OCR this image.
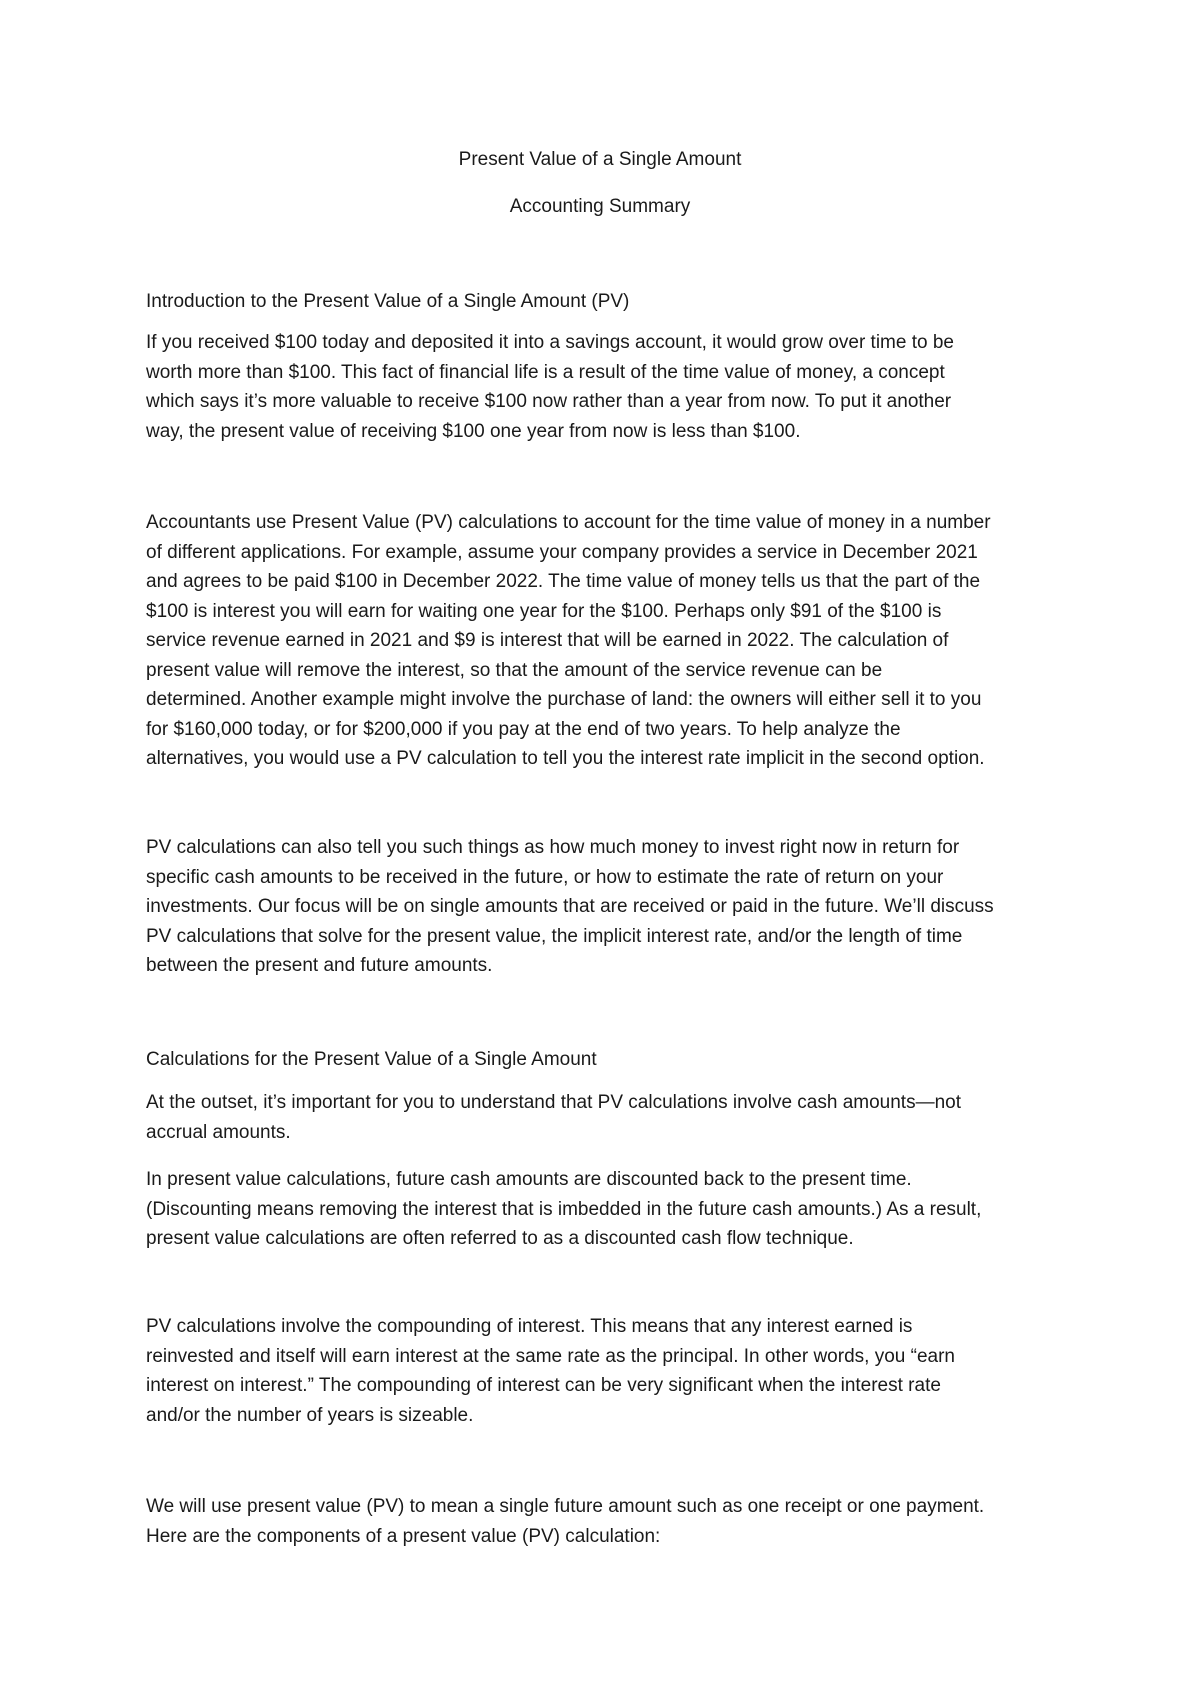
Present Value of a Single Amount
Accounting Summary
Introduction to the Present Value of a Single Amount (PV)
If you received $100 today and deposited it into a savings account, it would grow over time to be
worth more than $100. This fact of financial life is a result of the time value of money, a concept
which says it’s more valuable to receive $100 now rather than a year from now. To put it another
way, the present value of receiving $100 one year from now is less than $100.
Accountants use Present Value (PV) calculations to account for the time value of money in a number
of different applications. For example, assume your company provides a service in December 2021
and agrees to be paid $100 in December 2022. The time value of money tells us that the part of the
$100 is interest you will earn for waiting one year for the $100. Perhaps only $91 of the $100 is
service revenue earned in 2021 and $9 is interest that will be earned in 2022. The calculation of
present value will remove the interest, so that the amount of the service revenue can be
determined. Another example might involve the purchase of land: the owners will either sell it to you
for $160,000 today, or for $200,000 if you pay at the end of two years. To help analyze the
alternatives, you would use a PV calculation to tell you the interest rate implicit in the second option.
PV calculations can also tell you such things as how much money to invest right now in return for
specific cash amounts to be received in the future, or how to estimate the rate of return on your
investments. Our focus will be on single amounts that are received or paid in the future. We’ll discuss
PV calculations that solve for the present value, the implicit interest rate, and/or the length of time
between the present and future amounts.
Calculations for the Present Value of a Single Amount
At the outset, it’s important for you to understand that PV calculations involve cash amounts—not
accrual amounts.
In present value calculations, future cash amounts are discounted back to the present time.
(Discounting means removing the interest that is imbedded in the future cash amounts.) As a result,
present value calculations are often referred to as a discounted cash flow technique.
PV calculations involve the compounding of interest. This means that any interest earned is
reinvested and itself will earn interest at the same rate as the principal. In other words, you “earn
interest on interest.” The compounding of interest can be very significant when the interest rate
and/or the number of years is sizeable.
We will use present value (PV) to mean a single future amount such as one receipt or one payment.
Here are the components of a present value (PV) calculation:
